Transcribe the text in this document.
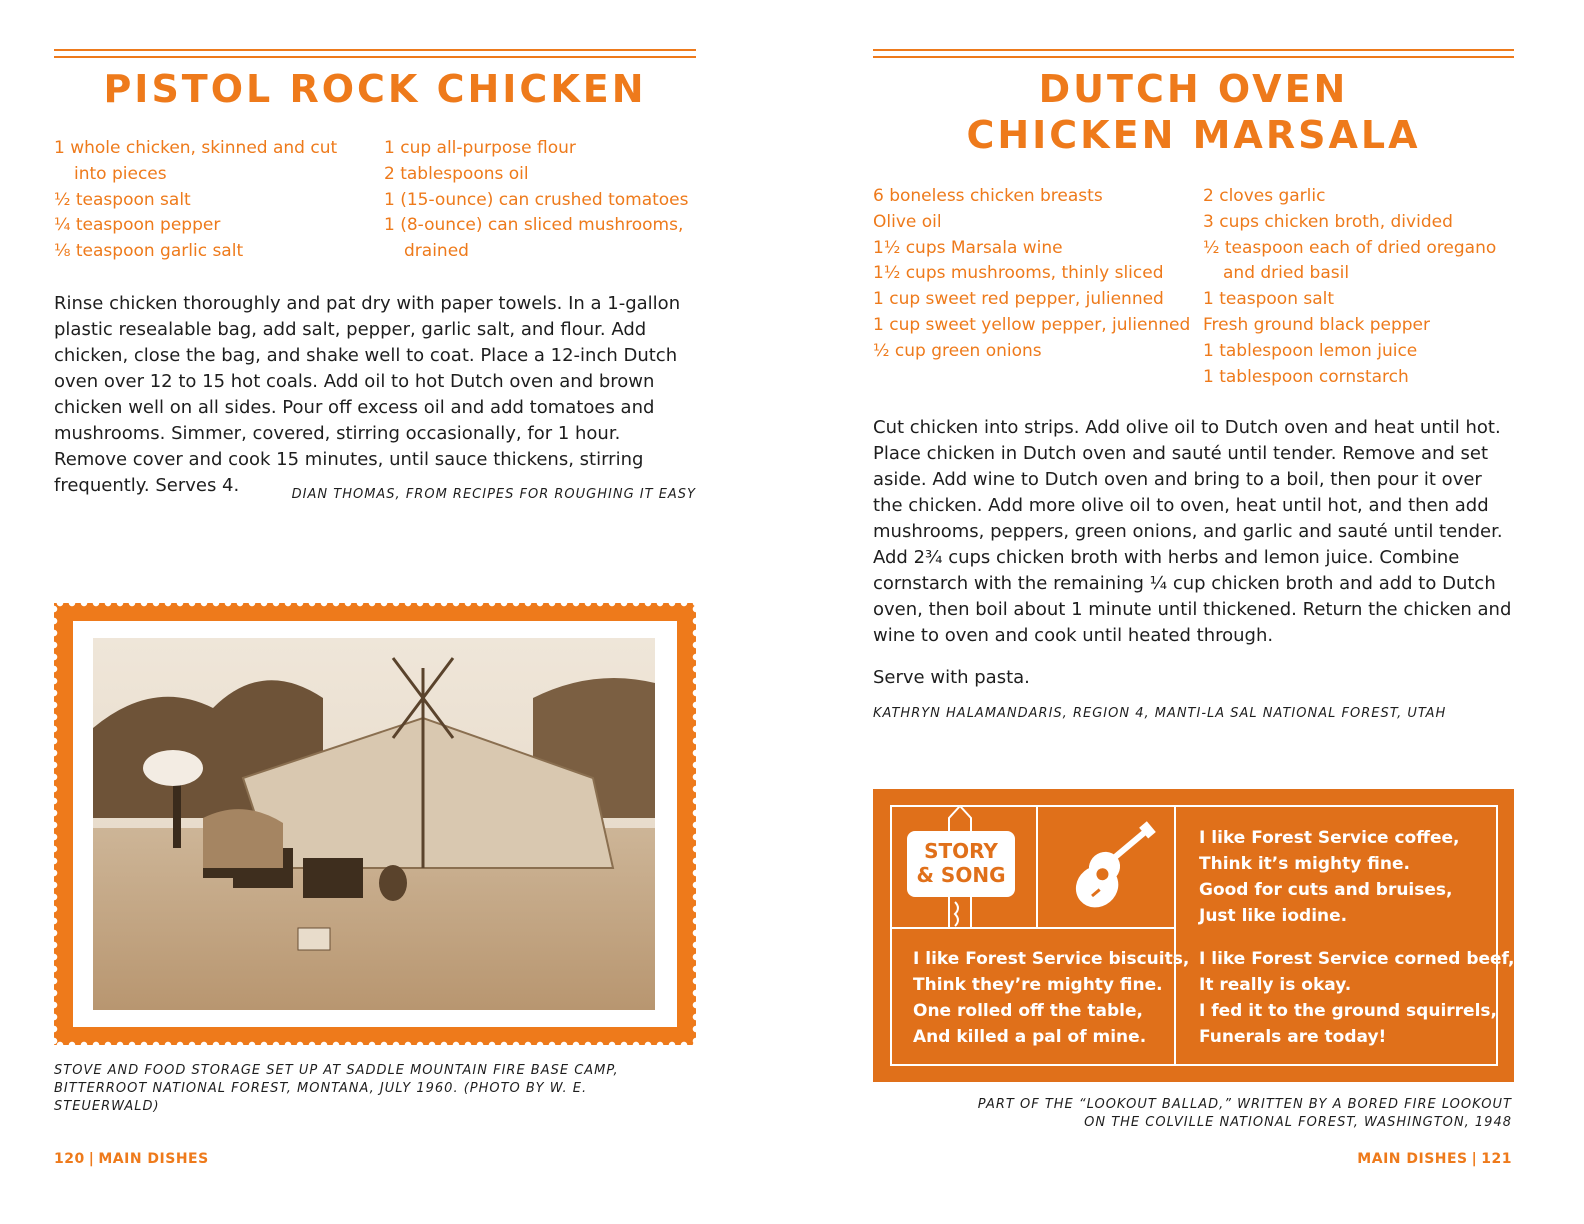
PISTOL ROCK CHICKEN
1 whole chicken, skinned and cut into pieces
½ teaspoon salt
¼ teaspoon pepper
⅛ teaspoon garlic salt
1 cup all-purpose flour
2 tablespoons oil
1 (15-ounce) can crushed tomatoes
1 (8-ounce) can sliced mushrooms, drained

Rinse chicken thoroughly and pat dry with paper towels. In a 1-gallon plastic resealable bag, add salt, pepper, garlic salt, and flour. Add chicken, close the bag, and shake well to coat. Place a 12-inch Dutch oven over 12 to 15 hot coals. Add oil to hot Dutch oven and brown chicken well on all sides. Pour off excess oil and add tomatoes and mushrooms. Simmer, covered, stirring occasionally, for 1 hour. Remove cover and cook 15 minutes, until sauce thickens, stirring frequently. Serves 4.	DIAN THOMAS, FROM RECIPES FOR ROUGHING IT EASY

STOVE AND FOOD STORAGE SET UP AT SADDLE MOUNTAIN FIRE BASE CAMP, BITTERROOT NATIONAL FOREST, MONTANA, JULY 1960. (PHOTO BY W. E. STEUERWALD)

120 | MAIN DISHES
DUTCH OVEN
CHICKEN MARSALA
6 boneless chicken breasts
Olive oil
1½ cups Marsala wine
1½ cups mushrooms, thinly sliced
1 cup sweet red pepper, julienned
1 cup sweet yellow pepper, julienned
½ cup green onions
2 cloves garlic
3 cups chicken broth, divided
½ teaspoon each of dried oregano and dried basil
1 teaspoon salt
Fresh ground black pepper
1 tablespoon lemon juice
1 tablespoon cornstarch

Cut chicken into strips. Add olive oil to Dutch oven and heat until hot. Place chicken in Dutch oven and sauté until tender. Remove and set aside. Add wine to Dutch oven and bring to a boil, then pour it over the chicken. Add more olive oil to oven, heat until hot, and then add mushrooms, peppers, green onions, and garlic and sauté until tender. Add 2¾ cups chicken broth with herbs and lemon juice. Combine cornstarch with the remaining ¼ cup chicken broth and add to Dutch oven, then boil about 1 minute until thickened. Return the chicken and wine to oven and cook until heated through.

Serve with pasta.

KATHRYN HALAMANDARIS, REGION 4, MANTI-LA SAL NATIONAL FOREST, UTAH

STORY
& SONG
I like Forest Service coffee,
Think it’s mighty fine.
Good for cuts and bruises,
Just like iodine.
I like Forest Service biscuits,
Think they’re mighty fine.
One rolled off the table,
And killed a pal of mine.
I like Forest Service corned beef,
It really is okay.
I fed it to the ground squirrels,
Funerals are today!
PART OF THE “LOOKOUT BALLAD,” WRITTEN BY A BORED FIRE LOOKOUT
ON THE COLVILLE NATIONAL FOREST, WASHINGTON, 1948
MAIN DISHES | 121
